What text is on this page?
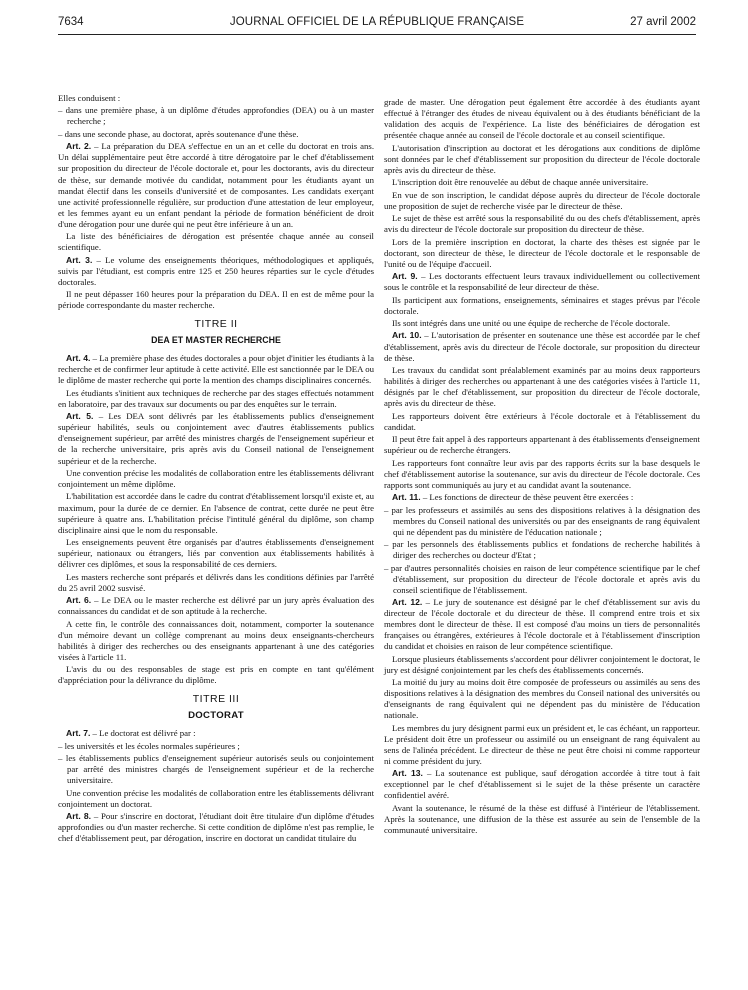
7634	JOURNAL OFFICIEL DE LA RÉPUBLIQUE FRANÇAISE	27 avril 2002

Elles conduisent :

– dans une première phase, à un diplôme d'études approfondies (DEA) ou à un master recherche ;

– dans une seconde phase, au doctorat, après soutenance d'une thèse.

Art. 2. – La préparation du DEA s'effectue en un an et celle du doctorat en trois ans. Un délai supplémentaire peut être accordé à titre dérogatoire par le chef d'établissement sur proposition du directeur de l'école doctorale et, pour les doctorants, avis du directeur de thèse, sur demande motivée du candidat, notamment pour les étudiants ayant un mandat électif dans les conseils d'université et de composantes. Les candidats exerçant une activité professionnelle régulière, sur production d'une attestation de leur employeur, et les femmes ayant eu un enfant pendant la période de formation bénéficient de droit d'une dérogation pour une durée qui ne peut être inférieure à un an.

La liste des bénéficiaires de dérogation est présentée chaque année au conseil scientifique.

Art. 3. – Le volume des enseignements théoriques, méthodologiques et appliqués, suivis par l'étudiant, est compris entre 125 et 250 heures réparties sur le cycle d'études doctorales.

Il ne peut dépasser 160 heures pour la préparation du DEA. Il en est de même pour la période correspondante du master recherche.

TITRE II
DEA ET MASTER RECHERCHE

Art. 4. – La première phase des études doctorales a pour objet d'initier les étudiants à la recherche et de confirmer leur aptitude à cette activité. Elle est sanctionnée par le DEA ou le diplôme de master recherche qui porte la mention des champs disciplinaires concernés.

Les étudiants s'initient aux techniques de recherche par des stages effectués notamment en laboratoire, par des travaux sur documents ou par des enquêtes sur le terrain.

Art. 5. – Les DEA sont délivrés par les établissements publics d'enseignement supérieur habilités, seuls ou conjointement avec d'autres établissements publics d'enseignement supérieur, par arrêté des ministres chargés de l'enseignement supérieur et de la recherche universitaire, pris après avis du Conseil national de l'enseignement supérieur et de la recherche.

Une convention précise les modalités de collaboration entre les établissements délivrant conjointement un même diplôme.

L'habilitation est accordée dans le cadre du contrat d'établissement lorsqu'il existe et, au maximum, pour la durée de ce dernier. En l'absence de contrat, cette durée ne peut être supérieure à quatre ans. L'habilitation précise l'intitulé général du diplôme, son champ disciplinaire ainsi que le nom du responsable.

Les enseignements peuvent être organisés par d'autres établissements d'enseignement supérieur, nationaux ou étrangers, liés par convention aux établissements habilités à délivrer ces diplômes, et sous la responsabilité de ces derniers.

Les masters recherche sont préparés et délivrés dans les conditions définies par l'arrêté du 25 avril 2002 susvisé.

Art. 6. – Le DEA ou le master recherche est délivré par un jury après évaluation des connaissances du candidat et de son aptitude à la recherche.

A cette fin, le contrôle des connaissances doit, notamment, comporter la soutenance d'un mémoire devant un collège comprenant au moins deux enseignants-chercheurs habilités à diriger des recherches ou des enseignants appartenant à une des catégories visées à l'article 11.

L'avis du ou des responsables de stage est pris en compte en tant qu'élément d'appréciation pour la délivrance du diplôme.

TITRE III
DOCTORAT

Art. 7. – Le doctorat est délivré par :

– les universités et les écoles normales supérieures ;

– les établissements publics d'enseignement supérieur autorisés seuls ou conjointement par arrêté des ministres chargés de l'enseignement supérieur et de la recherche universitaire.

Une convention précise les modalités de collaboration entre les établissements délivrant conjointement un doctorat.

Art. 8. – Pour s'inscrire en doctorat, l'étudiant doit être titulaire d'un diplôme d'études approfondies ou d'un master recherche. Si cette condition de diplôme n'est pas remplie, le chef d'établissement peut, par dérogation, inscrire en doctorat un candidat titulaire du

grade de master. Une dérogation peut également être accordée à des étudiants ayant effectué à l'étranger des études de niveau équivalent ou à des étudiants bénéficiant de la validation des acquis de l'expérience. La liste des bénéficiaires de dérogation est présentée chaque année au conseil de l'école doctorale et au conseil scientifique.

L'autorisation d'inscription au doctorat et les dérogations aux conditions de diplôme sont données par le chef d'établissement sur proposition du directeur de l'école doctorale après avis du directeur de thèse.

L'inscription doit être renouvelée au début de chaque année universitaire.

En vue de son inscription, le candidat dépose auprès du directeur de l'école doctorale une proposition de sujet de recherche visée par le directeur de thèse.

Le sujet de thèse est arrêté sous la responsabilité du ou des chefs d'établissement, après avis du directeur de l'école doctorale sur proposition du directeur de thèse.

Lors de la première inscription en doctorat, la charte des thèses est signée par le doctorant, son directeur de thèse, le directeur de l'école doctorale et le responsable de l'unité ou de l'équipe d'accueil.

Art. 9. – Les doctorants effectuent leurs travaux individuellement ou collectivement sous le contrôle et la responsabilité de leur directeur de thèse.

Ils participent aux formations, enseignements, séminaires et stages prévus par l'école doctorale.

Ils sont intégrés dans une unité ou une équipe de recherche de l'école doctorale.

Art. 10. – L'autorisation de présenter en soutenance une thèse est accordée par le chef d'établissement, après avis du directeur de l'école doctorale, sur proposition du directeur de thèse.

Les travaux du candidat sont préalablement examinés par au moins deux rapporteurs habilités à diriger des recherches ou appartenant à une des catégories visées à l'article 11, désignés par le chef d'établissement, sur proposition du directeur de l'école doctorale, après avis du directeur de thèse.

Les rapporteurs doivent être extérieurs à l'école doctorale et à l'établissement du candidat.

Il peut être fait appel à des rapporteurs appartenant à des établissements d'enseignement supérieur ou de recherche étrangers.

Les rapporteurs font connaître leur avis par des rapports écrits sur la base desquels le chef d'établissement autorise la soutenance, sur avis du directeur de l'école doctorale. Ces rapports sont communiqués au jury et au candidat avant la soutenance.

Art. 11. – Les fonctions de directeur de thèse peuvent être exercées :

– par les professeurs et assimilés au sens des dispositions relatives à la désignation des membres du Conseil national des universités ou par des enseignants de rang équivalent qui ne dépendent pas du ministère de l'éducation nationale ;

– par les personnels des établissements publics et fondations de recherche habilités à diriger des recherches ou docteur d'Etat ;

– par d'autres personnalités choisies en raison de leur compétence scientifique par le chef d'établissement, sur proposition du directeur de l'école doctorale et après avis du conseil scientifique de l'établissement.

Art. 12. – Le jury de soutenance est désigné par le chef d'établissement sur avis du directeur de l'école doctorale et du directeur de thèse. Il comprend entre trois et six membres dont le directeur de thèse. Il est composé d'au moins un tiers de personnalités françaises ou étrangères, extérieures à l'école doctorale et à l'établissement d'inscription du candidat et choisies en raison de leur compétence scientifique.

Lorsque plusieurs établissements s'accordent pour délivrer conjointement le doctorat, le jury est désigné conjointement par les chefs des établissements concernés.

La moitié du jury au moins doit être composée de professeurs ou assimilés au sens des dispositions relatives à la désignation des membres du Conseil national des universités ou d'enseignants de rang équivalent qui ne dépendent pas du ministère de l'éducation nationale.

Les membres du jury désignent parmi eux un président et, le cas échéant, un rapporteur. Le président doit être un professeur ou assimilé ou un enseignant de rang équivalent au sens de l'alinéa précédent. Le directeur de thèse ne peut être choisi ni comme rapporteur ni comme président du jury.

Art. 13. – La soutenance est publique, sauf dérogation accordée à titre tout à fait exceptionnel par le chef d'établissement si le sujet de la thèse présente un caractère confidentiel avéré.

Avant la soutenance, le résumé de la thèse est diffusé à l'intérieur de l'établissement. Après la soutenance, une diffusion de la thèse est assurée au sein de l'ensemble de la communauté universitaire.
